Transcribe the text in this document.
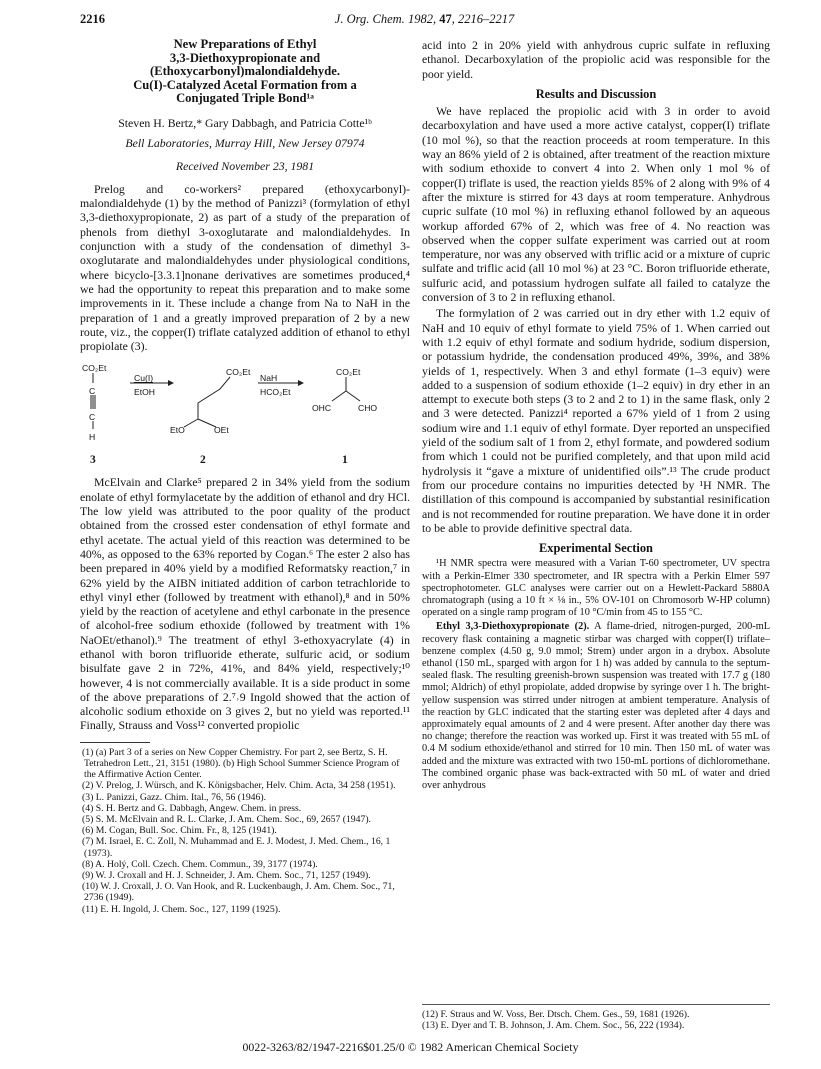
2216	J. Org. Chem. 1982, 47, 2216–2217
New Preparations of Ethyl
3,3-Diethoxypropionate and
(Ethoxycarbonyl)malondialdehyde.
Cu(I)-Catalyzed Acetal Formation from a
Conjugated Triple Bond¹ᵃ
Steven H. Bertz,* Gary Dabbagh, and Patricia Cotte¹ᵇ
Bell Laboratories, Murray Hill, New Jersey 07974
Received November 23, 1981

Prelog and co-workers² prepared (ethoxycarbonyl)-malondialdehyde (1) by the method of Panizzi³ (formylation of ethyl 3,3-diethoxypropionate, 2) as part of a study of the preparation of phenols from diethyl 3-oxoglutarate and malondialdehydes. In conjunction with a study of the condensation of dimethyl 3-oxoglutarate and malondialdehydes under physiological conditions, where bicyclo-[3.3.1]nonane derivatives are sometimes produced,⁴ we had the opportunity to repeat this preparation and to make some improvements in it. These include a change from Na to NaH in the preparation of 1 and a greatly improved preparation of 2 by a new route, viz., the copper(I) triflate catalyzed addition of ethanol to ethyl propiolate (3).

CO₂Et
C
C
H
Cu(I)
EtOH
CO₂Et
EtO	OEt
NaH
HCO₂Et
CO₂Et
OHC	CHO
3	2	1

McElvain and Clarke⁵ prepared 2 in 34% yield from the sodium enolate of ethyl formylacetate by the addition of ethanol and dry HCl. The low yield was attributed to the poor quality of the product obtained from the crossed ester condensation of ethyl formate and ethyl acetate. The actual yield of this reaction was determined to be 40%, as opposed to the 63% reported by Cogan.⁶ The ester 2 also has been prepared in 40% yield by a modified Reformatsky reaction,⁷ in 62% yield by the AIBN initiated addition of carbon tetrachloride to ethyl vinyl ether (followed by treatment with ethanol),⁸ and in 50% yield by the reaction of acetylene and ethyl carbonate in the presence of alcohol-free sodium ethoxide (followed by treatment with 1% NaOEt/ethanol).⁹ The treatment of ethyl 3-ethoxyacrylate (4) in ethanol with boron trifluoride etherate, sulfuric acid, or sodium bisulfate gave 2 in 72%, 41%, and 84% yield, respectively;¹⁰ however, 4 is not commercially available. It is a side product in some of the above preparations of 2.⁷˒9 Ingold showed that the action of alcoholic sodium ethoxide on 3 gives 2, but no yield was reported.¹¹ Finally, Strauss and Voss¹² converted propiolic

(1) (a) Part 3 of a series on New Copper Chemistry. For part 2, see Bertz, S. H. Tetrahedron Lett., 21, 3151 (1980). (b) High School Summer Science Program of the Affirmative Action Center.
(2) V. Prelog, J. Würsch, and K. Königsbacher, Helv. Chim. Acta, 34 258 (1951).
(3) L. Panizzi, Gazz. Chim. Ital., 76, 56 (1946).
(4) S. H. Bertz and G. Dabbagh, Angew. Chem. in press.
(5) S. M. McElvain and R. L. Clarke, J. Am. Chem. Soc., 69, 2657 (1947).
(6) M. Cogan, Bull. Soc. Chim. Fr., 8, 125 (1941).
(7) M. Israel, E. C. Zoll, N. Muhammad and E. J. Modest, J. Med. Chem., 16, 1 (1973).
(8) A. Holý, Coll. Czech. Chem. Commun., 39, 3177 (1974).
(9) W. J. Croxall and H. J. Schneider, J. Am. Chem. Soc., 71, 1257 (1949).
(10) W. J. Croxall, J. O. Van Hook, and R. Luckenbaugh, J. Am. Chem. Soc., 71, 2736 (1949).
(11) E. H. Ingold, J. Chem. Soc., 127, 1199 (1925).

acid into 2 in 20% yield with anhydrous cupric sulfate in refluxing ethanol. Decarboxylation of the propiolic acid was responsible for the poor yield.

Results and Discussion

We have replaced the propiolic acid with 3 in order to avoid decarboxylation and have used a more active catalyst, copper(I) triflate (10 mol %), so that the reaction proceeds at room temperature. In this way an 86% yield of 2 is obtained, after treatment of the reaction mixture with sodium ethoxide to convert 4 into 2. When only 1 mol % of copper(I) triflate is used, the reaction yields 85% of 2 along with 9% of 4 after the mixture is stirred for 43 days at room temperature. Anhydrous cupric sulfate (10 mol %) in refluxing ethanol followed by an aqueous workup afforded 67% of 2, which was free of 4. No reaction was observed when the copper sulfate experiment was carried out at room temperature, nor was any observed with triflic acid or a mixture of cupric sulfate and triflic acid (all 10 mol %) at 23 °C. Boron trifluoride etherate, sulfuric acid, and potassium hydrogen sulfate all failed to catalyze the conversion of 3 to 2 in refluxing ethanol.

The formylation of 2 was carried out in dry ether with 1.2 equiv of NaH and 10 equiv of ethyl formate to yield 75% of 1. When carried out with 1.2 equiv of ethyl formate and sodium hydride, sodium dispersion, or potassium hydride, the condensation produced 49%, 39%, and 38% yields of 1, respectively. When 3 and ethyl formate (1–3 equiv) were added to a suspension of sodium ethoxide (1–2 equiv) in dry ether in an attempt to execute both steps (3 to 2 and 2 to 1) in the same flask, only 2 and 3 were detected. Panizzi⁴ reported a 67% yield of 1 from 2 using sodium wire and 1.1 equiv of ethyl formate. Dyer reported an unspecified yield of the sodium salt of 1 from 2, ethyl formate, and powdered sodium from which 1 could not be purified completely, and that upon mild acid hydrolysis it “gave a mixture of unidentified oils”.¹³ The crude product from our procedure contains no impurities detected by ¹H NMR. The distillation of this compound is accompanied by substantial resinification and is not recommended for routine preparation. We have done it in order to be able to provide definitive spectral data.

Experimental Section

¹H NMR spectra were measured with a Varian T-60 spectrometer, UV spectra with a Perkin-Elmer 330 spectrometer, and IR spectra with a Perkin Elmer 597 spectrophotometer. GLC analyses were carrier out on a Hewlett-Packard 5880A chromatograph (using a 10 ft × ⅛ in., 5% OV-101 on Chromosorb W-HP column) operated on a single ramp program of 10 °C/min from 45 to 155 °C.

Ethyl 3,3-Diethoxypropionate (2). A flame-dried, nitrogen-purged, 200-mL recovery flask containing a magnetic stirbar was charged with copper(I) triflate–benzene complex (4.50 g, 9.0 mmol; Strem) under argon in a drybox. Absolute ethanol (150 mL, sparged with argon for 1 h) was added by cannula to the septum-sealed flask. The resulting greenish-brown suspension was treated with 17.7 g (180 mmol; Aldrich) of ethyl propiolate, added dropwise by syringe over 1 h. The bright-yellow suspension was stirred under nitrogen at ambient temperature. Analysis of the reaction by GLC indicated that the starting ester was depleted after 4 days and approximately equal amounts of 2 and 4 were present. After another day there was no change; therefore the reaction was worked up. First it was treated with 55 mL of 0.4 M sodium ethoxide/ethanol and stirred for 10 min. Then 150 mL of water was added and the mixture was extracted with two 150-mL portions of dichloromethane. The combined organic phase was back-extracted with 50 mL of water and dried over anhydrous

(12) F. Straus and W. Voss, Ber. Dtsch. Chem. Ges., 59, 1681 (1926).
(13) E. Dyer and T. B. Johnson, J. Am. Chem. Soc., 56, 222 (1934).
0022-3263/82/1947-2216$01.25/0 © 1982 American Chemical Society
